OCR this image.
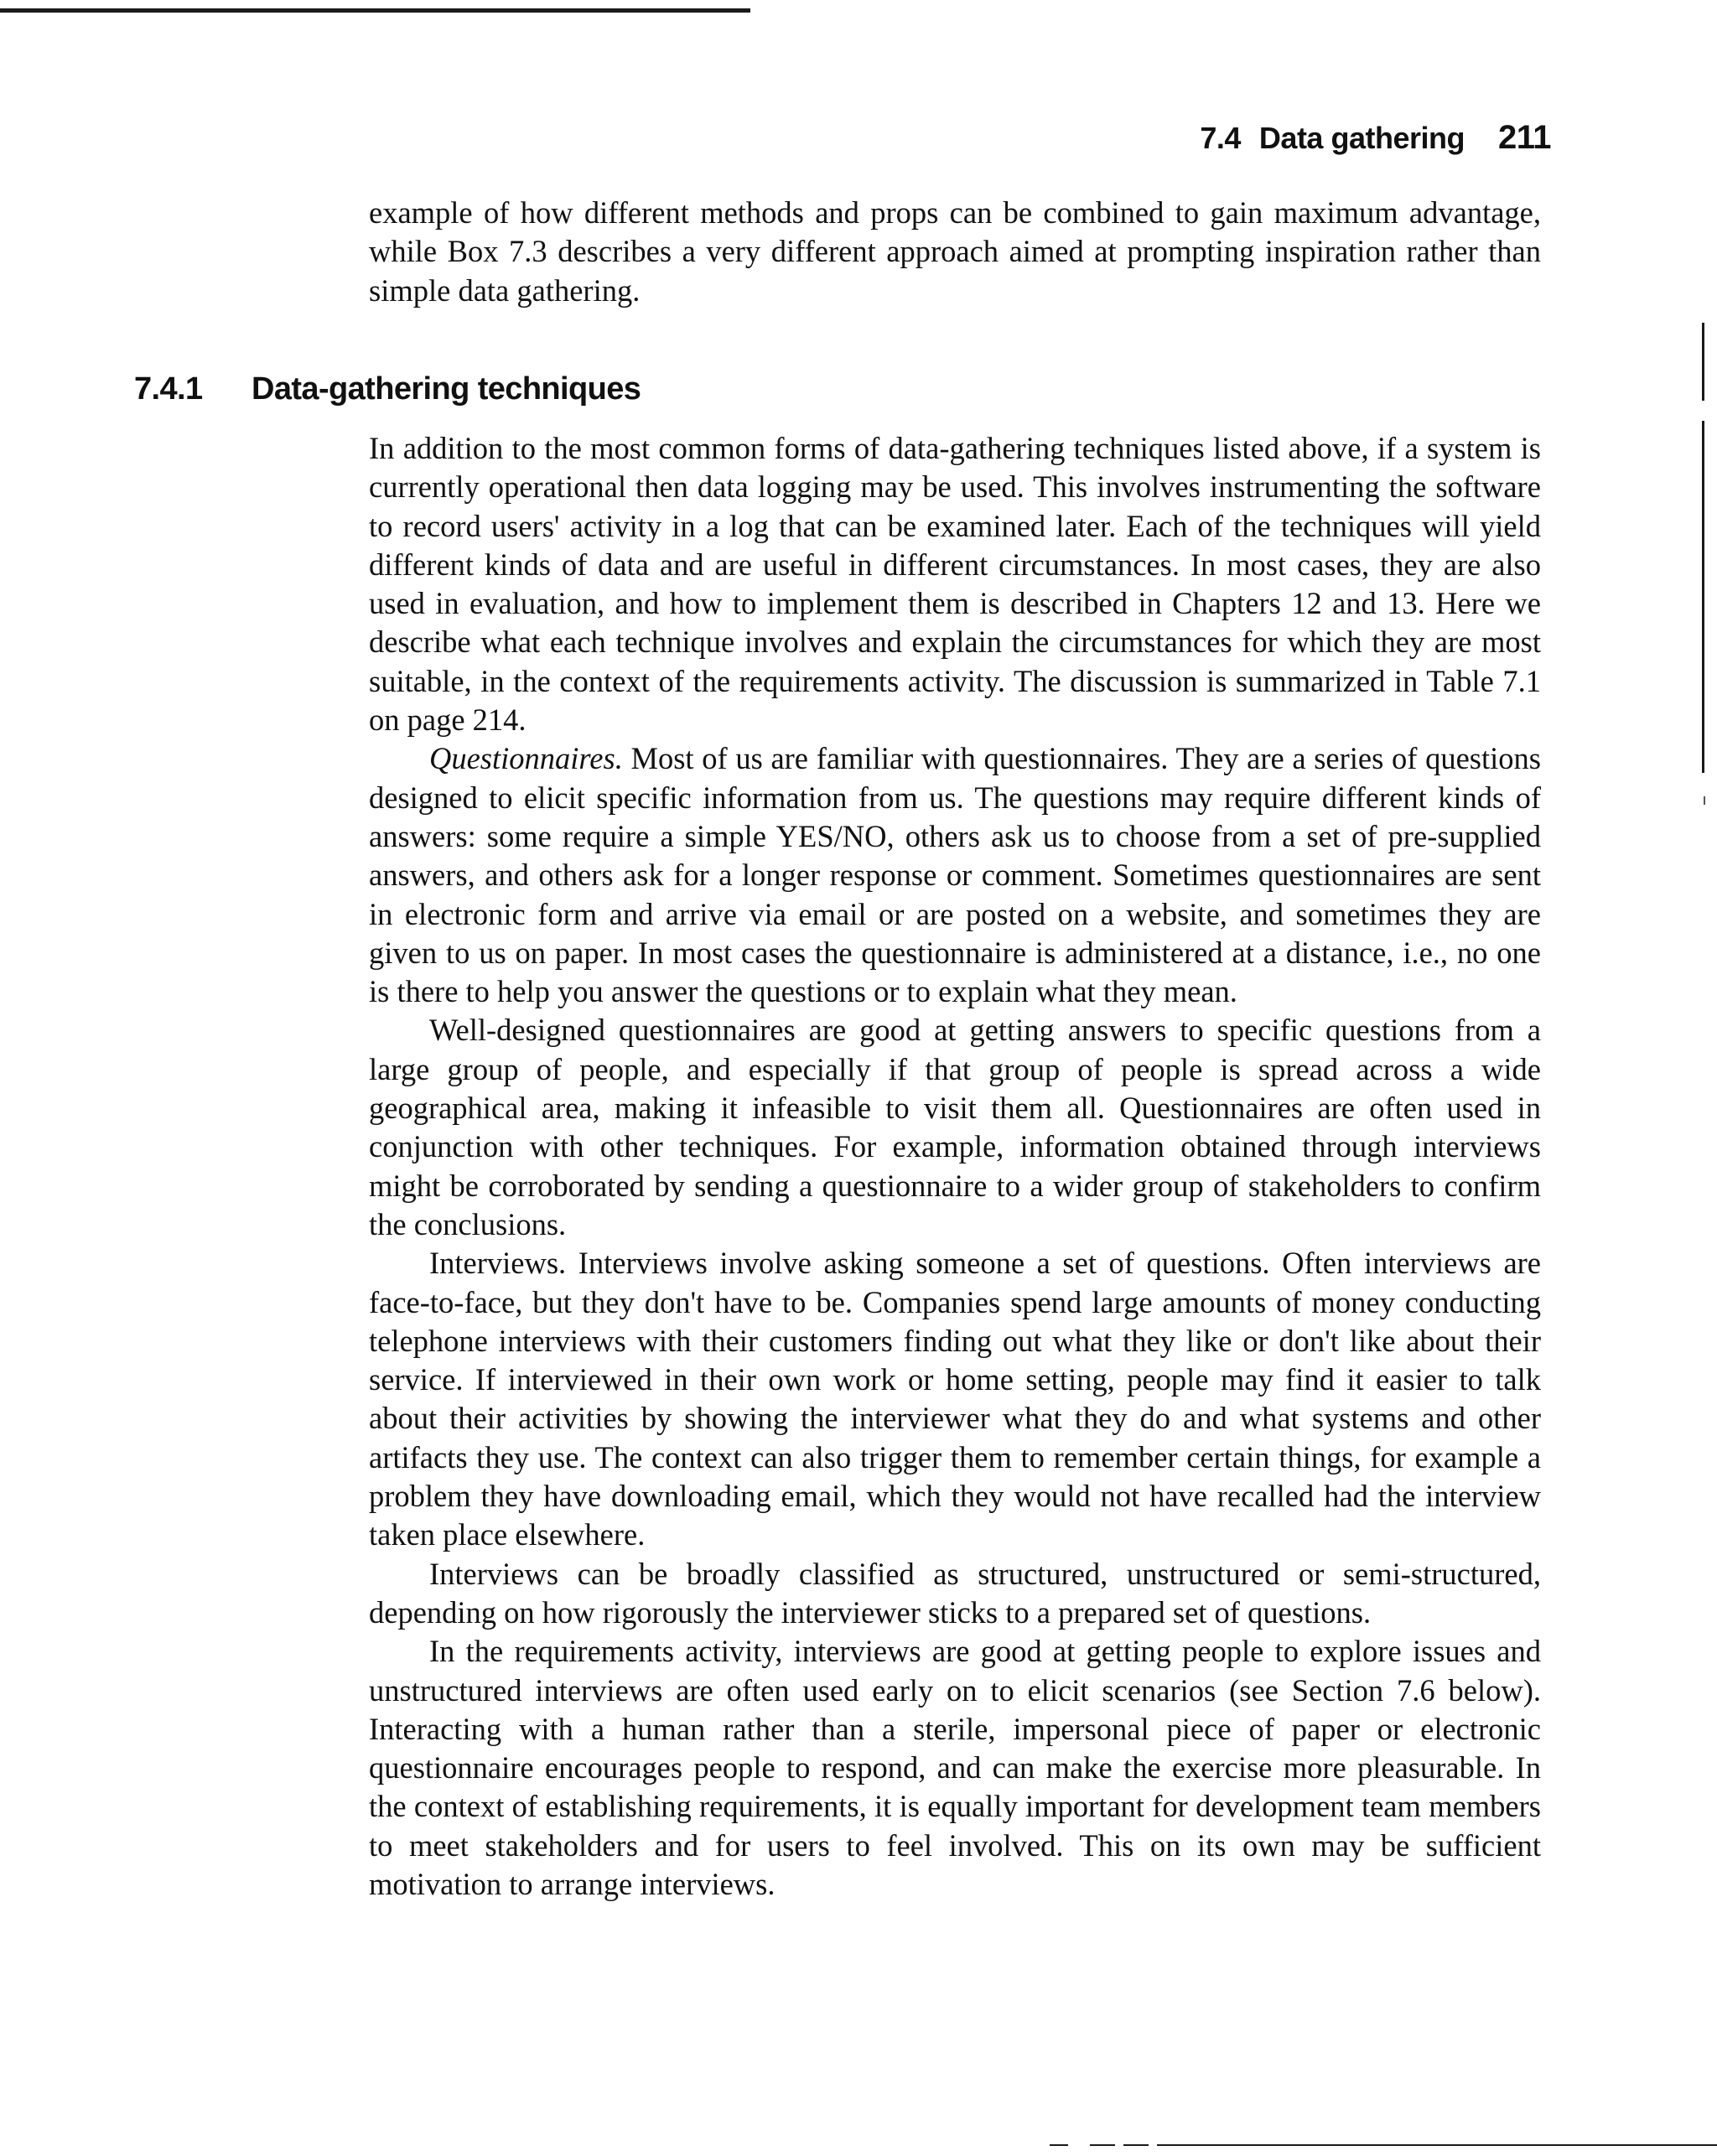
7.4 Data gathering 211

example of how different methods and props can be combined to gain maximum advantage, while Box 7.3 describes a very different approach aimed at prompting inspiration rather than simple data gathering.

7.4.1 Data-gathering techniques

In addition to the most common forms of data-gathering techniques listed above, if a system is currently operational then data logging may be used. This involves instrumenting the software to record users' activity in a log that can be examined later. Each of the techniques will yield different kinds of data and are useful in different circumstances. In most cases, they are also used in evaluation, and how to implement them is described in Chapters 12 and 13. Here we describe what each technique involves and explain the circumstances for which they are most suitable, in the context of the requirements activity. The discussion is summarized in Table 7.1 on page 214.

Questionnaires. Most of us are familiar with questionnaires. They are a series of questions designed to elicit specific information from us. The questions may require different kinds of answers: some require a simple YES/NO, others ask us to choose from a set of pre-supplied answers, and others ask for a longer response or comment. Sometimes questionnaires are sent in electronic form and arrive via email or are posted on a website, and sometimes they are given to us on paper. In most cases the questionnaire is administered at a distance, i.e., no one is there to help you answer the questions or to explain what they mean.

Well-designed questionnaires are good at getting answers to specific questions from a large group of people, and especially if that group of people is spread across a wide geographical area, making it infeasible to visit them all. Questionnaires are often used in conjunction with other techniques. For example, information obtained through interviews might be corroborated by sending a questionnaire to a wider group of stakeholders to confirm the conclusions.

Interviews. Interviews involve asking someone a set of questions. Often interviews are face-to-face, but they don't have to be. Companies spend large amounts of money conducting telephone interviews with their customers finding out what they like or don't like about their service. If interviewed in their own work or home setting, people may find it easier to talk about their activities by showing the interviewer what they do and what systems and other artifacts they use. The context can also trigger them to remember certain things, for example a problem they have downloading email, which they would not have recalled had the interview taken place elsewhere.

Interviews can be broadly classified as structured, unstructured or semi-structured, depending on how rigorously the interviewer sticks to a prepared set of questions.

In the requirements activity, interviews are good at getting people to explore issues and unstructured interviews are often used early on to elicit scenarios (see Section 7.6 below). Interacting with a human rather than a sterile, impersonal piece of paper or electronic questionnaire encourages people to respond, and can make the exercise more pleasurable. In the context of establishing requirements, it is equally important for development team members to meet stakeholders and for users to feel involved. This on its own may be sufficient motivation to arrange interviews.
